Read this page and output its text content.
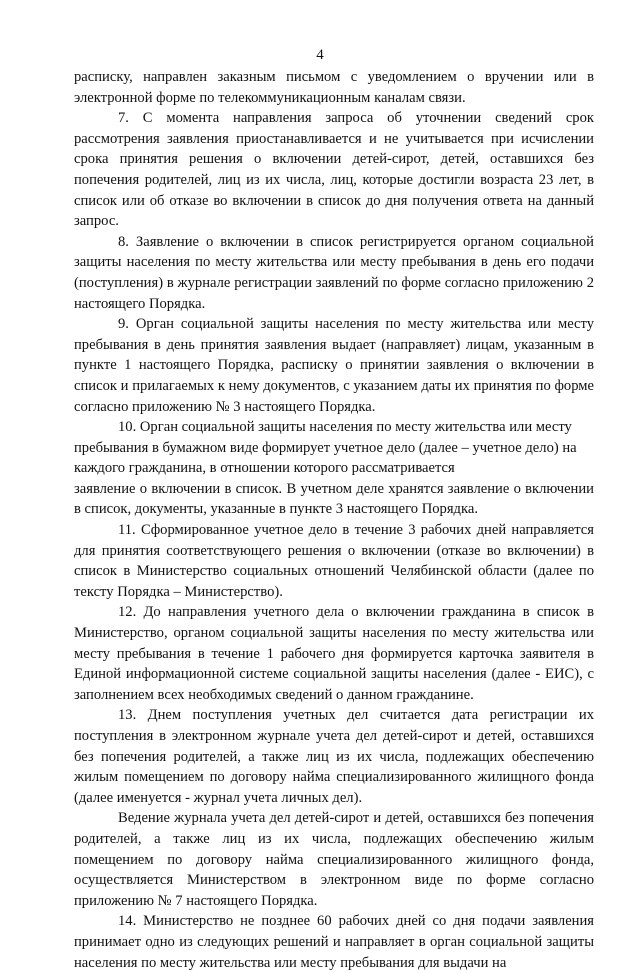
4

расписку, направлен заказным письмом с уведомлением о вручении или в электронной форме по телекоммуникационным каналам связи.

7. С момента направления запроса об уточнении сведений срок рассмотрения заявления приостанавливается и не учитывается при исчислении срока принятия решения о включении детей-сирот, детей, оставшихся без попечения родителей, лиц из их числа, лиц, которые достигли возраста 23 лет, в список или об отказе во включении в список до дня получения ответа на данный запрос.

8. Заявление о включении в список регистрируется органом социальной защиты населения по месту жительства или месту пребывания в день его подачи (поступления) в журнале регистрации заявлений по форме согласно приложению 2 настоящего Порядка.

9. Орган социальной защиты населения по месту жительства или месту пребывания в день принятия заявления выдает (направляет) лицам, указанным в пункте 1 настоящего Порядка, расписку о принятии заявления о включении в список и прилагаемых к нему документов, с указанием даты их принятия по форме согласно приложению № 3 настоящего Порядка.

10. Орган социальной защиты населения по месту жительства или месту пребывания в бумажном виде формирует учетное дело (далее – учетное дело) на каждого гражданина, в отношении которого рассматривается

заявление о включении в список. В учетном деле хранятся заявление о включении в список, документы, указанные в пункте 3 настоящего Порядка.

11. Сформированное учетное дело в течение 3 рабочих дней направляется для принятия соответствующего решения о включении (отказе во включении) в список в Министерство социальных отношений Челябинской области (далее по тексту Порядка – Министерство).

12. До направления учетного дела о включении гражданина в список в Министерство, органом социальной защиты населения по месту жительства или месту пребывания в течение 1 рабочего дня формируется карточка заявителя в Единой информационной системе социальной защиты населения (далее - ЕИС), с заполнением всех необходимых сведений о данном гражданине.

13. Днем поступления учетных дел считается дата регистрации их поступления в электронном журнале учета дел детей-сирот и детей, оставшихся без попечения родителей, а также лиц из их числа, подлежащих обеспечению жилым помещением по договору найма специализированного жилищного фонда (далее именуется - журнал учета личных дел).

Ведение журнала учета дел детей-сирот и детей, оставшихся без попечения родителей, а также лиц из их числа, подлежащих обеспечению жилым помещением по договору найма специализированного жилищного фонда, осуществляется Министерством в электронном виде по форме согласно приложению № 7 настоящего Порядка.

14. Министерство не позднее 60 рабочих дней со дня подачи заявления принимает одно из следующих решений и направляет в орган социальной защиты населения по месту жительства или месту пребывания для выдачи на
